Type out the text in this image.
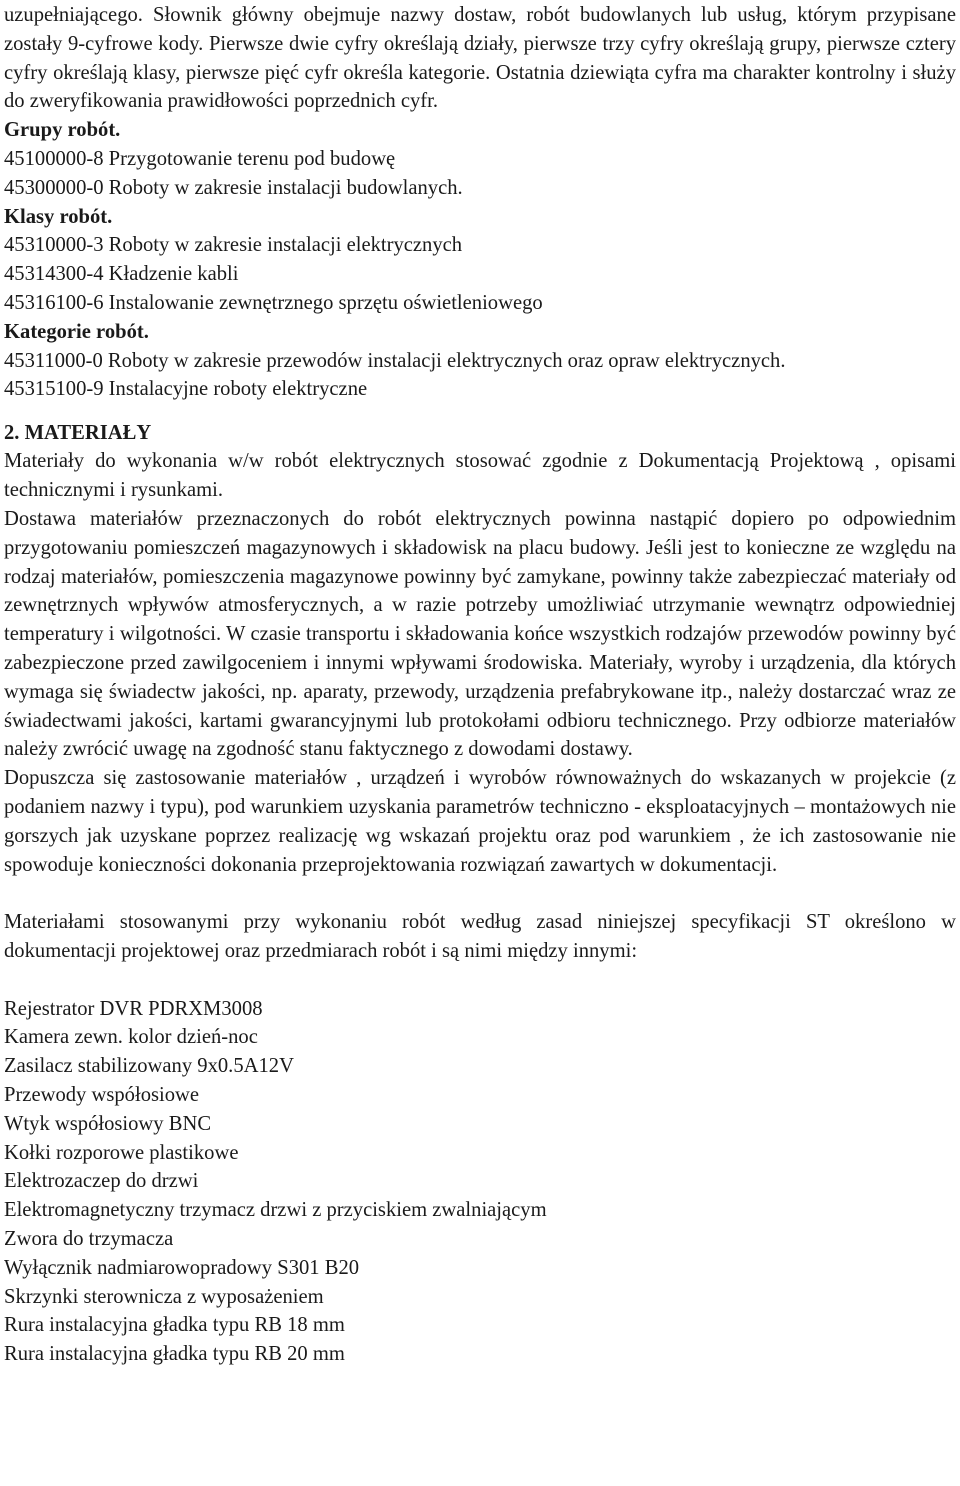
uzupełniającego. Słownik główny obejmuje nazwy dostaw, robót budowlanych lub usług, którym przypisane zostały 9-cyfrowe kody. Pierwsze dwie cyfry określają działy, pierwsze trzy cyfry określają grupy, pierwsze cztery cyfry określają klasy, pierwsze pięć cyfr określa kategorie. Ostatnia dziewiąta cyfra ma charakter kontrolny i służy do zweryfikowania prawidłowości poprzednich cyfr.

Grupy robót.

45100000-8 Przygotowanie terenu pod budowę

45300000-0 Roboty w zakresie instalacji budowlanych.

Klasy robót.

45310000-3 Roboty w zakresie instalacji elektrycznych

45314300-4 Kładzenie kabli

45316100-6 Instalowanie zewnętrznego sprzętu oświetleniowego

Kategorie robót.

45311000-0 Roboty w zakresie przewodów instalacji elektrycznych oraz opraw elektrycznych.

45315100-9 Instalacyjne roboty elektryczne

2. MATERIAŁY

Materiały do wykonania w/w robót elektrycznych stosować zgodnie z Dokumentacją Projektową , opisami technicznymi i rysunkami.

Dostawa materiałów przeznaczonych do robót elektrycznych powinna nastąpić dopiero po odpowiednim przygotowaniu pomieszczeń magazynowych i składowisk na placu budowy. Jeśli jest to konieczne ze względu na rodzaj materiałów, pomieszczenia magazynowe powinny być zamykane, powinny także zabezpieczać materiały od zewnętrznych wpływów atmosferycznych, a w razie potrzeby umożliwiać utrzymanie wewnątrz odpowiedniej temperatury i wilgotności. W czasie transportu i składowania końce wszystkich rodzajów przewodów powinny być zabezpieczone przed zawilgoceniem i innymi wpływami środowiska. Materiały, wyroby i urządzenia, dla których wymaga się świadectw jakości, np. aparaty, przewody, urządzenia prefabrykowane itp., należy dostarczać wraz ze świadectwami jakości, kartami gwarancyjnymi lub protokołami odbioru technicznego. Przy odbiorze materiałów należy zwrócić uwagę na zgodność stanu faktycznego z dowodami dostawy.

Dopuszcza się zastosowanie materiałów , urządzeń i wyrobów równoważnych do wskazanych w projekcie (z podaniem nazwy i typu), pod warunkiem uzyskania parametrów techniczno - eksploatacyjnych – montażowych nie gorszych jak uzyskane poprzez realizację wg wskazań projektu oraz pod warunkiem , że ich zastosowanie nie spowoduje konieczności dokonania przeprojektowania rozwiązań zawartych w dokumentacji.

Materiałami stosowanymi przy wykonaniu robót według zasad niniejszej specyfikacji ST określono w dokumentacji projektowej oraz przedmiarach robót i są nimi między innymi:

Rejestrator DVR PDRXM3008

Kamera zewn. kolor dzień-noc

Zasilacz stabilizowany 9x0.5A12V

Przewody współosiowe

Wtyk współosiowy BNC

Kołki rozporowe plastikowe

Elektrozaczep do drzwi

Elektromagnetyczny trzymacz drzwi z przyciskiem zwalniającym

Zwora do trzymacza

Wyłącznik nadmiarowopradowy S301 B20

Skrzynki sterownicza z wyposażeniem

Rura instalacyjna gładka typu RB 18 mm

Rura instalacyjna gładka typu RB 20 mm
